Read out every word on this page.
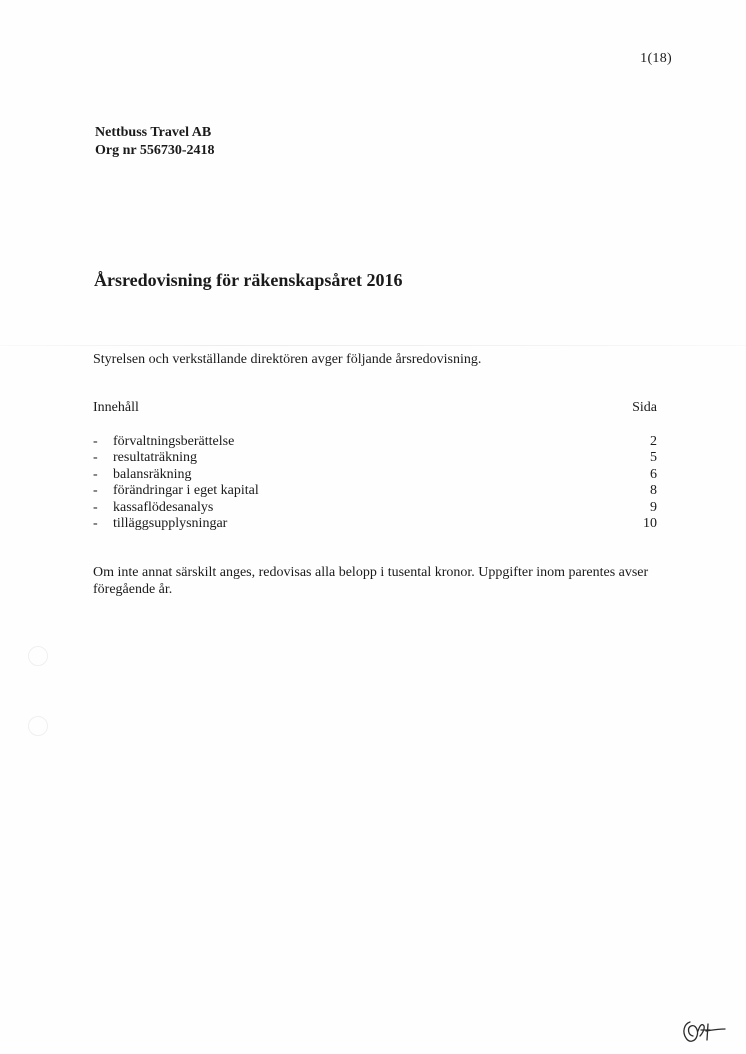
1(18)
Nettbuss Travel AB
Org nr 556730-2418
Årsredovisning för räkenskapsåret 2016
Styrelsen och verkställande direktören avger följande årsredovisning.
Innehåll	Sida
- förvaltningsberättelse	2
- resultaträkning	5
- balansräkning	6
- förändringar i eget kapital	8
- kassaflödesanalys	9
- tilläggsupplysningar	10
Om inte annat särskilt anges, redovisas alla belopp i tusental kronor. Uppgifter inom parentes avser föregående år.
